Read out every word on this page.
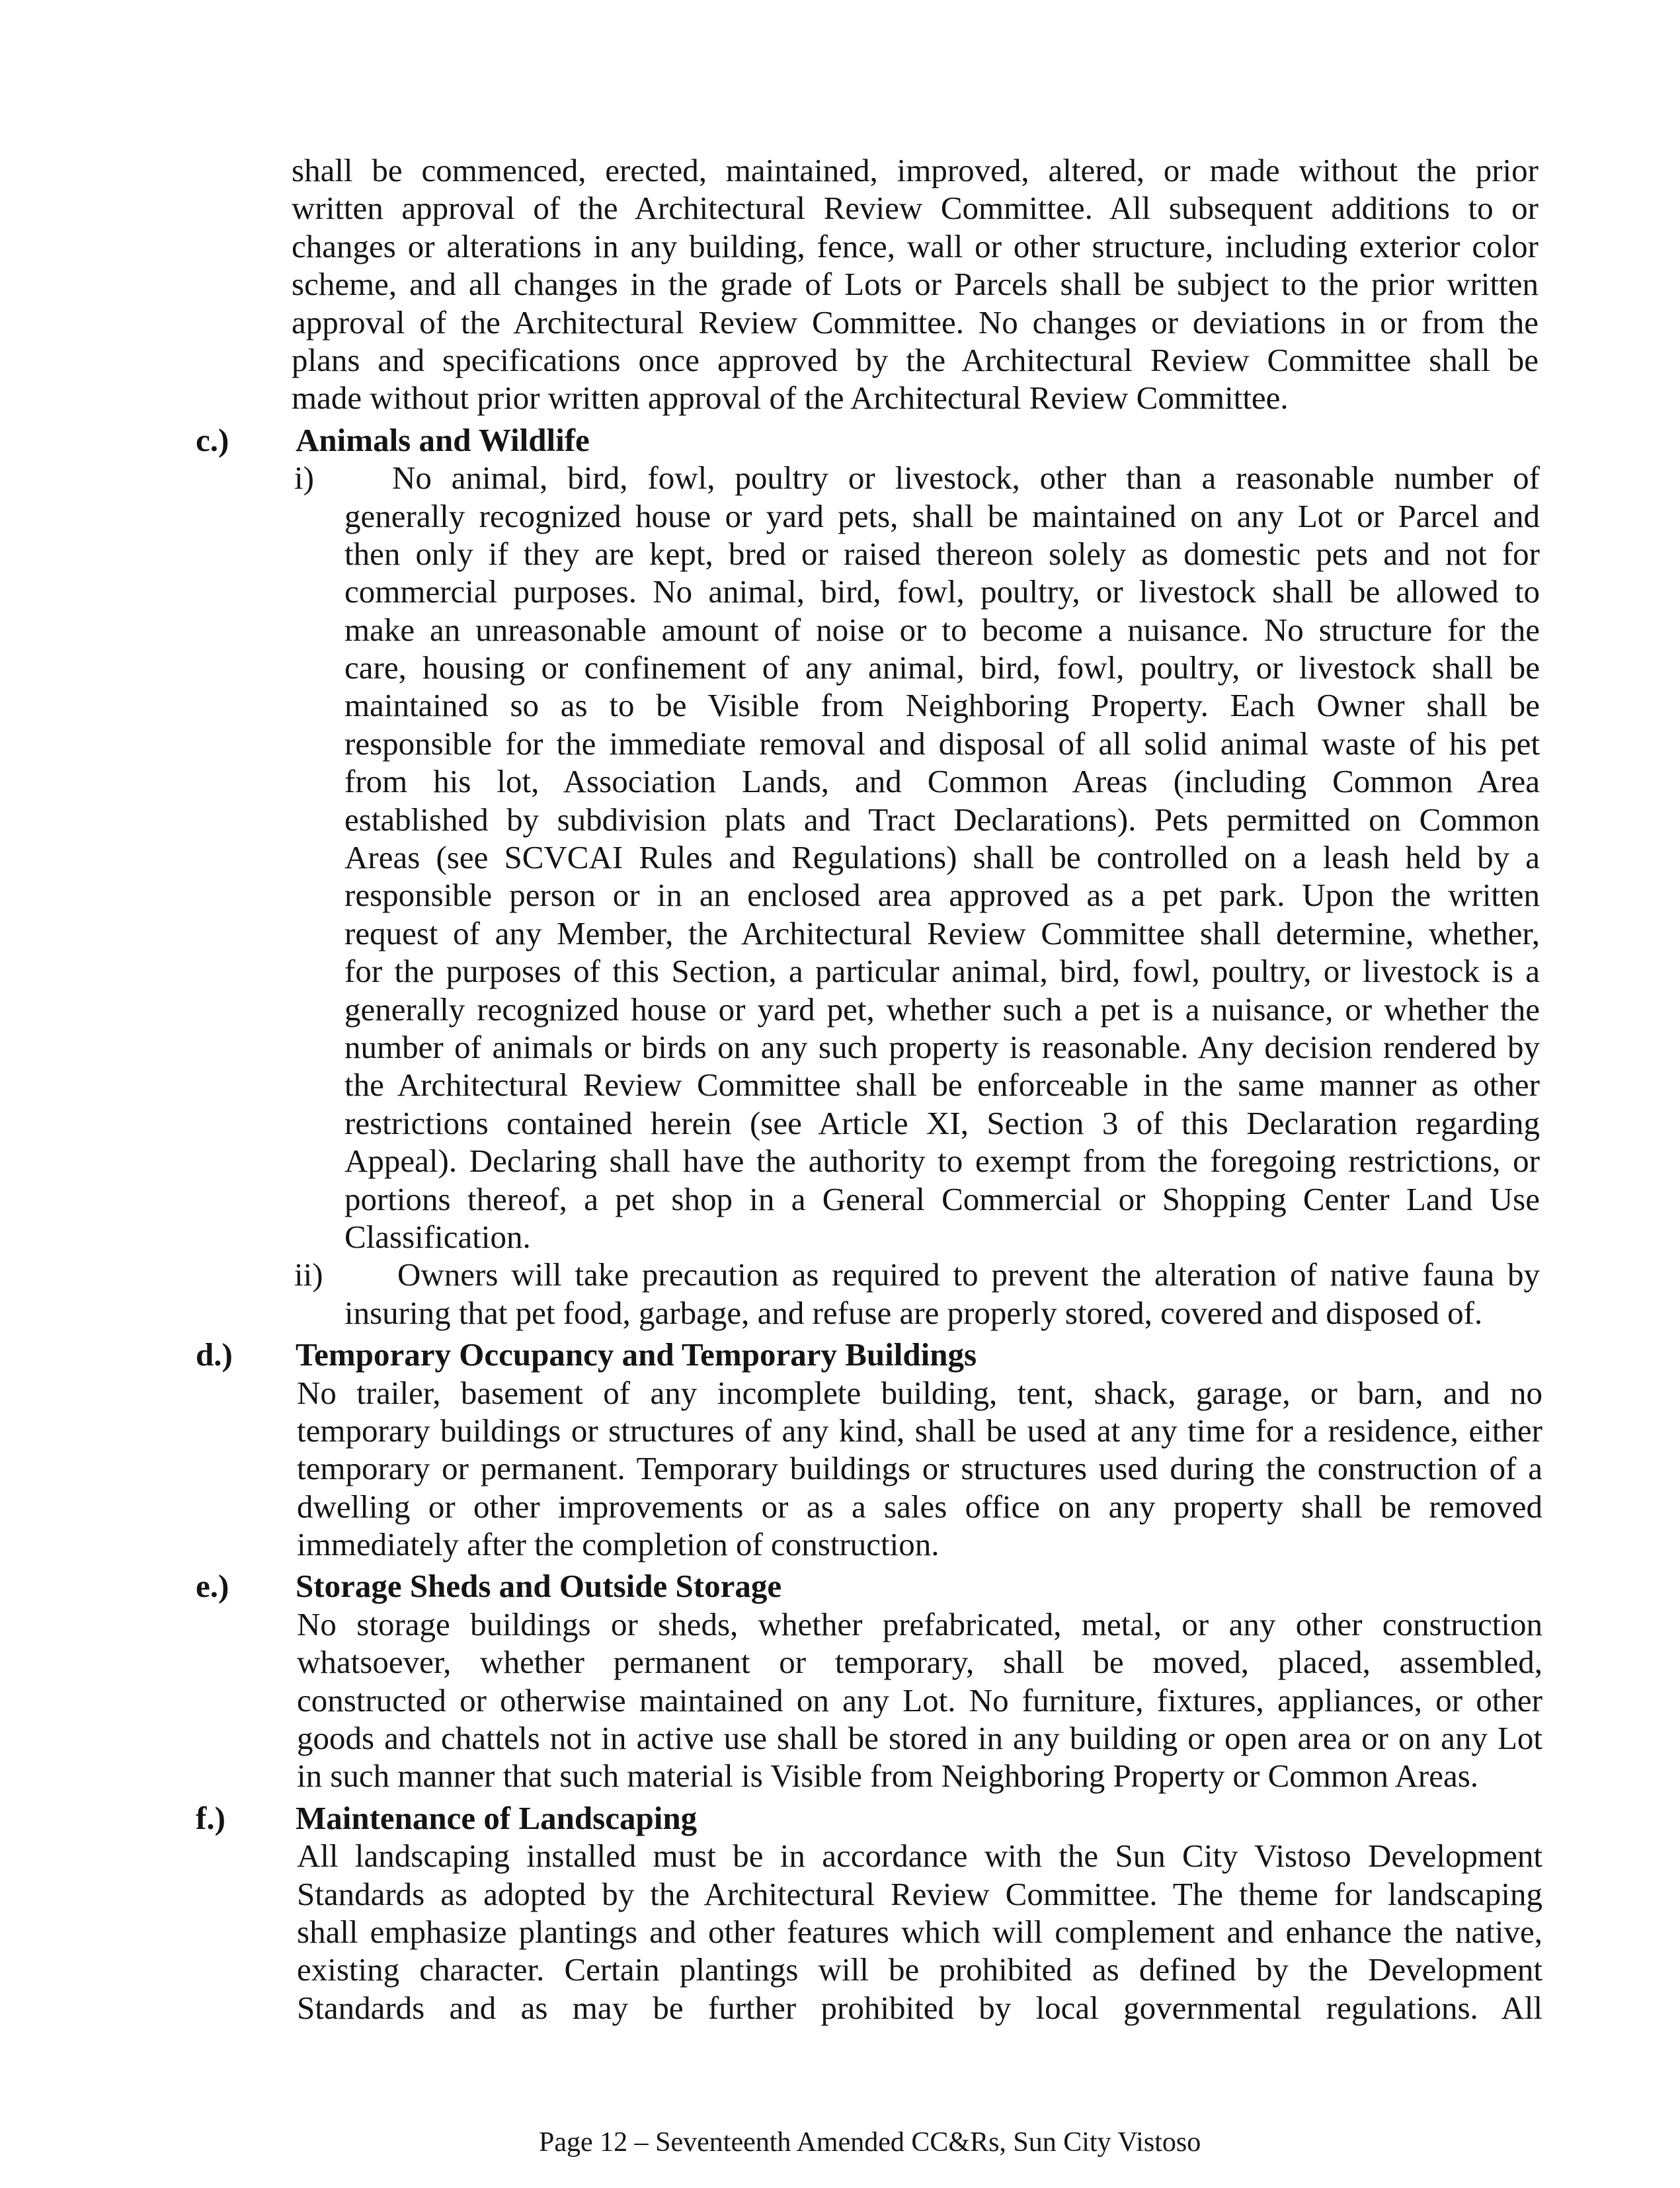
shall be commenced, erected, maintained, improved, altered, or made without the prior
written approval of the Architectural Review Committee. All subsequent additions to or
changes or alterations in any building, fence, wall or other structure, including exterior color
scheme, and all changes in the grade of Lots or Parcels shall be subject to the prior written
approval of the Architectural Review Committee. No changes or deviations in or from the
plans and specifications once approved by the Architectural Review Committee shall be
made without prior written approval of the Architectural Review Committee.
c.) Animals and Wildlife
i)	No animal, bird, fowl, poultry or livestock, other than a reasonable number of
generally recognized house or yard pets, shall be maintained on any Lot or Parcel and
then only if they are kept, bred or raised thereon solely as domestic pets and not for
commercial purposes. No animal, bird, fowl, poultry, or livestock shall be allowed to
make an unreasonable amount of noise or to become a nuisance. No structure for the
care, housing or confinement of any animal, bird, fowl, poultry, or livestock shall be
maintained so as to be Visible from Neighboring Property. Each Owner shall be
responsible for the immediate removal and disposal of all solid animal waste of his pet
from his lot, Association Lands, and Common Areas (including Common Area
established by subdivision plats and Tract Declarations). Pets permitted on Common
Areas (see SCVCAI Rules and Regulations) shall be controlled on a leash held by a
responsible person or in an enclosed area approved as a pet park. Upon the written
request of any Member, the Architectural Review Committee shall determine, whether,
for the purposes of this Section, a particular animal, bird, fowl, poultry, or livestock is a
generally recognized house or yard pet, whether such a pet is a nuisance, or whether the
number of animals or birds on any such property is reasonable. Any decision rendered by
the Architectural Review Committee shall be enforceable in the same manner as other
restrictions contained herein (see Article XI, Section 3 of this Declaration regarding
Appeal). Declaring shall have the authority to exempt from the foregoing restrictions, or
portions thereof, a pet shop in a General Commercial or Shopping Center Land Use
Classification.
ii)	Owners will take precaution as required to prevent the alteration of native fauna by
insuring that pet food, garbage, and refuse are properly stored, covered and disposed of.
d.) Temporary Occupancy and Temporary Buildings
No trailer, basement of any incomplete building, tent, shack, garage, or barn, and no
temporary buildings or structures of any kind, shall be used at any time for a residence, either
temporary or permanent. Temporary buildings or structures used during the construction of a
dwelling or other improvements or as a sales office on any property shall be removed
immediately after the completion of construction.
e.) Storage Sheds and Outside Storage
No storage buildings or sheds, whether prefabricated, metal, or any other construction
whatsoever, whether permanent or temporary, shall be moved, placed, assembled,
constructed or otherwise maintained on any Lot. No furniture, fixtures, appliances, or other
goods and chattels not in active use shall be stored in any building or open area or on any Lot
in such manner that such material is Visible from Neighboring Property or Common Areas.
f.) Maintenance of Landscaping
All landscaping installed must be in accordance with the Sun City Vistoso Development
Standards as adopted by the Architectural Review Committee. The theme for landscaping
shall emphasize plantings and other features which will complement and enhance the native,
existing character. Certain plantings will be prohibited as defined by the Development
Standards and as may be further prohibited by local governmental regulations. All
Page 12 – Seventeenth Amended CC&Rs, Sun City Vistoso
